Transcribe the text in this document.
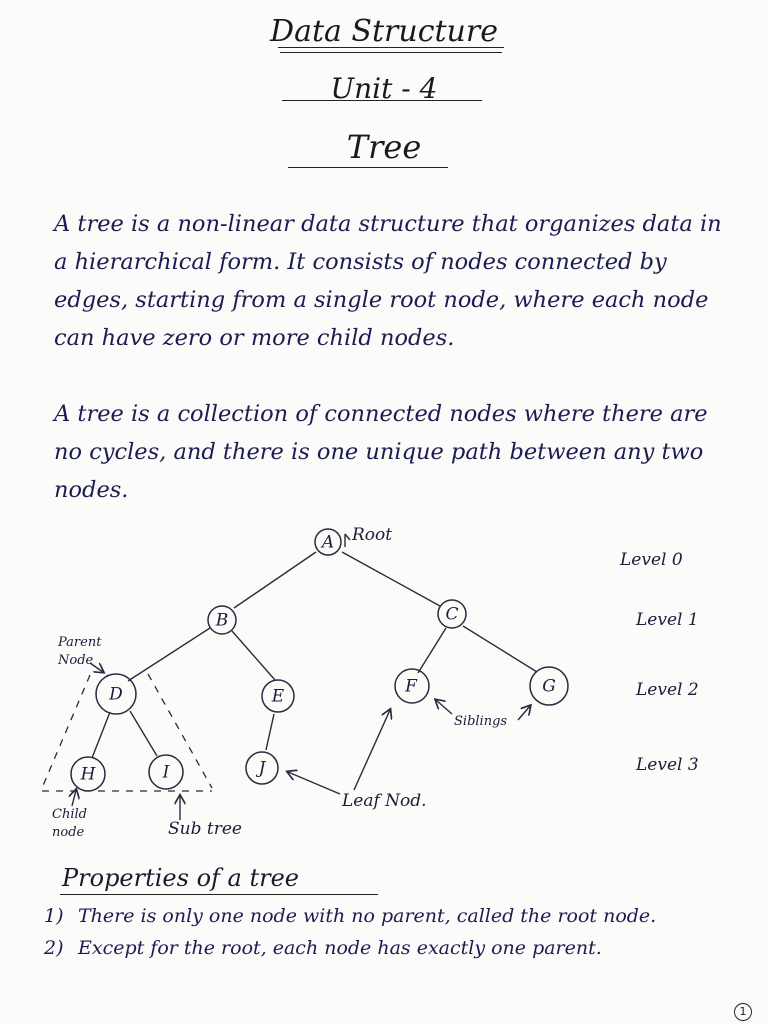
Data Structure
Unit - 4
Tree
A tree is a non-linear data structure that organizes data in a hierarchical form. It consists of nodes connected by edges, starting from a single root node, where each node can have zero or more child nodes.
A tree is a collection of connected nodes where there are no cycles, and there is one unique path between any two nodes.
A
B	C
D	E	F	G
H	I	J
Root
Parent
Node
Child
node	Sub tree
Siblings
Leaf Nod.
Level 0
Level 1
Level 2
Level 3
Properties of a tree
1) There is only one node with no parent, called the root node.
2) Except for the root, each node has exactly one parent.
1
